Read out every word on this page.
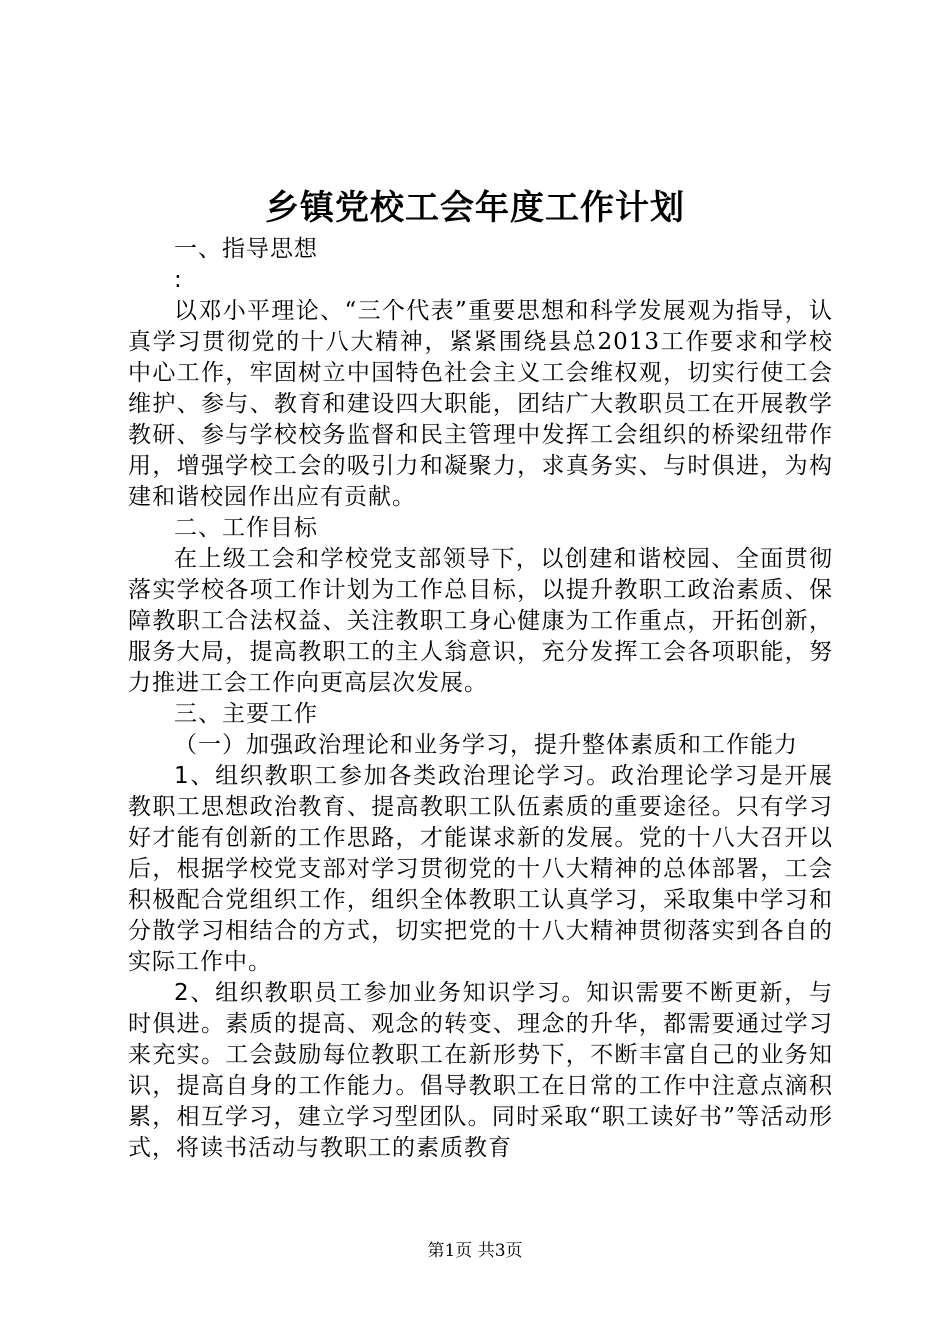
乡镇党校工会年度工作计划

一、指导思想

:

以邓小平理论、“三个代表”重要思想和科学发展观为指导，认真学习贯彻党的十八大精神，紧紧围绕县总2013工作要求和学校中心工作，牢固树立中国特色社会主义工会维权观，切实行使工会维护、参与、教育和建设四大职能，团结广大教职员工在开展教学教研、参与学校校务监督和民主管理中发挥工会组织的桥梁纽带作用，增强学校工会的吸引力和凝聚力，求真务实、与时俱进，为构建和谐校园作出应有贡献。

二、工作目标

在上级工会和学校党支部领导下，以创建和谐校园、全面贯彻落实学校各项工作计划为工作总目标，以提升教职工政治素质、保障教职工合法权益、关注教职工身心健康为工作重点，开拓创新，服务大局，提高教职工的主人翁意识，充分发挥工会各项职能，努力推进工会工作向更高层次发展。

三、主要工作

（一）加强政治理论和业务学习，提升整体素质和工作能力

1、组织教职工参加各类政治理论学习。政治理论学习是开展教职工思想政治教育、提高教职工队伍素质的重要途径。只有学习好才能有创新的工作思路，才能谋求新的发展。党的十八大召开以后，根据学校党支部对学习贯彻党的十八大精神的总体部署，工会积极配合党组织工作，组织全体教职工认真学习，采取集中学习和分散学习相结合的方式，切实把党的十八大精神贯彻落实到各自的实际工作中。

2、组织教职员工参加业务知识学习。知识需要不断更新，与时俱进。素质的提高、观念的转变、理念的升华，都需要通过学习来充实。工会鼓励每位教职工在新形势下，不断丰富自己的业务知识，提高自身的工作能力。倡导教职工在日常的工作中注意点滴积累，相互学习，建立学习型团队。同时采取“职工读好书”等活动形式，将读书活动与教职工的素质教育

第1页 共3页
